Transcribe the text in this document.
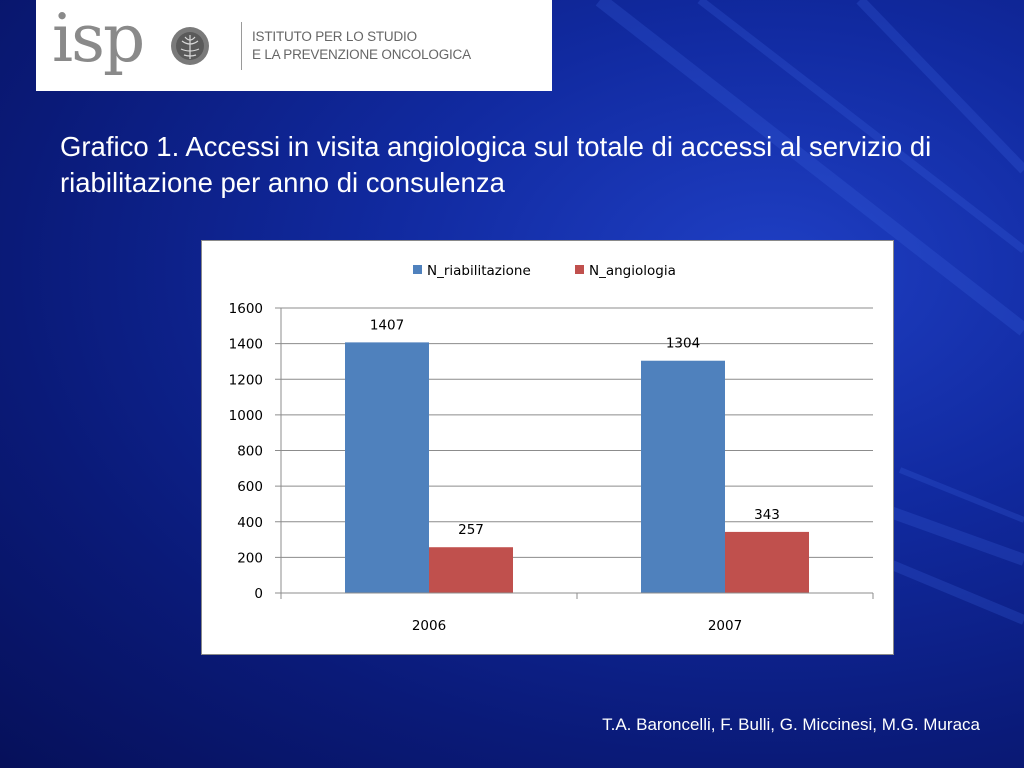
isp	ISTITUTO PER LO STUDIO
E LA PREVENZIONE ONCOLOGICA
Grafico 1. Accessi in visita angiologica sul totale di accessi al servizio di riabilitazione per anno di consulenza
0
200
400
600
800
1000
1200
1400
1600
1407
257
2006
1304
343
2007
N_riabilitazione	N_angiologia
T.A. Baroncelli, F. Bulli, G. Miccinesi, M.G. Muraca
